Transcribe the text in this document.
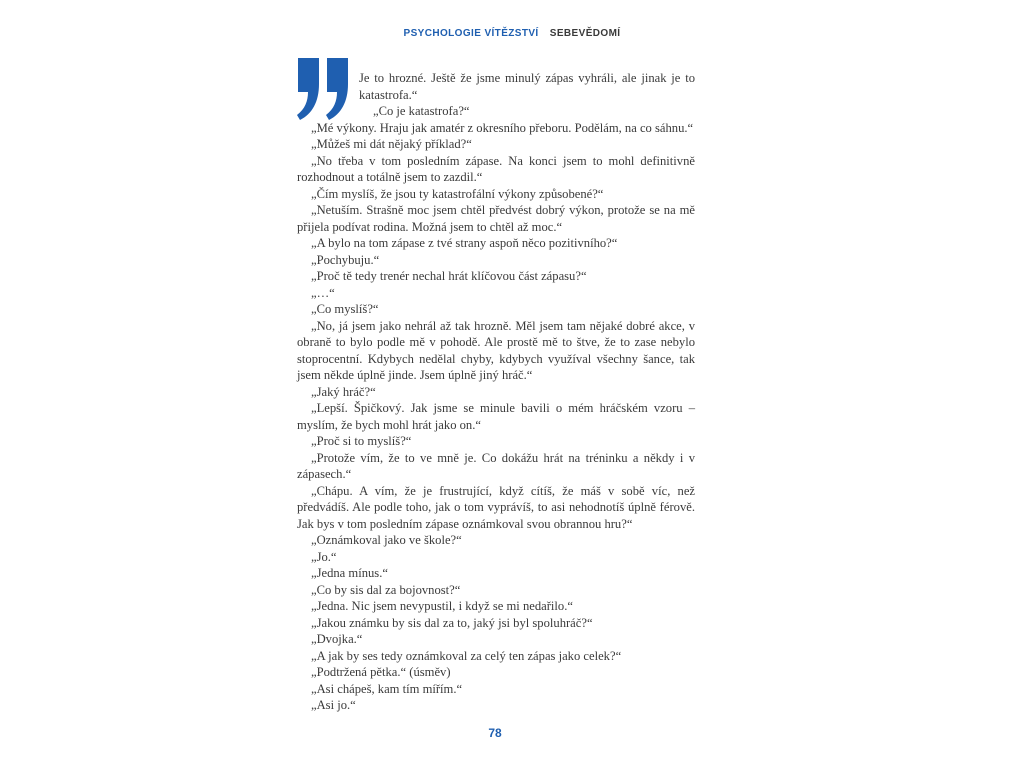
PSYCHOLOGIE VÍTĚZSTVÍ SEBEVĚDOMÍ

Je to hrozné. Ještě že jsme minulý zápas vyhráli, ale jinak je to katastrofa.“

„Co je katastrofa?“

„Mé výkony. Hraju jak amatér z okresního přeboru. Podělám, na co sáhnu.“

„Můžeš mi dát nějaký příklad?“

„No třeba v tom posledním zápase. Na konci jsem to mohl definitivně rozhodnout a totálně jsem to zazdil.“

„Čím myslíš, že jsou ty katastrofální výkony způsobené?“

„Netuším. Strašně moc jsem chtěl předvést dobrý výkon, protože se na mě přijela podívat rodina. Možná jsem to chtěl až moc.“

„A bylo na tom zápase z tvé strany aspoň něco pozitivního?“

„Pochybuju.“

„Proč tě tedy trenér nechal hrát klíčovou část zápasu?“

„…“

„Co myslíš?“

„No, já jsem jako nehrál až tak hrozně. Měl jsem tam nějaké dobré akce, v obraně to bylo podle mě v pohodě. Ale prostě mě to štve, že to zase nebylo stoprocentní. Kdybych nedělal chyby, kdybych využíval všechny šance, tak jsem někde úplně jinde. Jsem úplně jiný hráč.“

„Jaký hráč?“

„Lepší. Špičkový. Jak jsme se minule bavili o mém hráčském vzoru – myslím, že bych mohl hrát jako on.“

„Proč si to myslíš?“

„Protože vím, že to ve mně je. Co dokážu hrát na tréninku a někdy i v zápasech.“

„Chápu. A vím, že je frustrující, když cítíš, že máš v sobě víc, než předvádíš. Ale podle toho, jak o tom vyprávíš, to asi nehodnotíš úplně férově. Jak bys v tom posledním zápase oznámkoval svou obrannou hru?“

„Oznámkoval jako ve škole?“

„Jo.“

„Jedna mínus.“

„Co by sis dal za bojovnost?“

„Jedna. Nic jsem nevypustil, i když se mi nedařilo.“

„Jakou známku by sis dal za to, jaký jsi byl spoluhráč?“

„Dvojka.“

„A jak by ses tedy oznámkoval za celý ten zápas jako celek?“

„Podtržená pětka.“ (úsměv)

„Asi chápeš, kam tím mířím.“

„Asi jo.“

78
